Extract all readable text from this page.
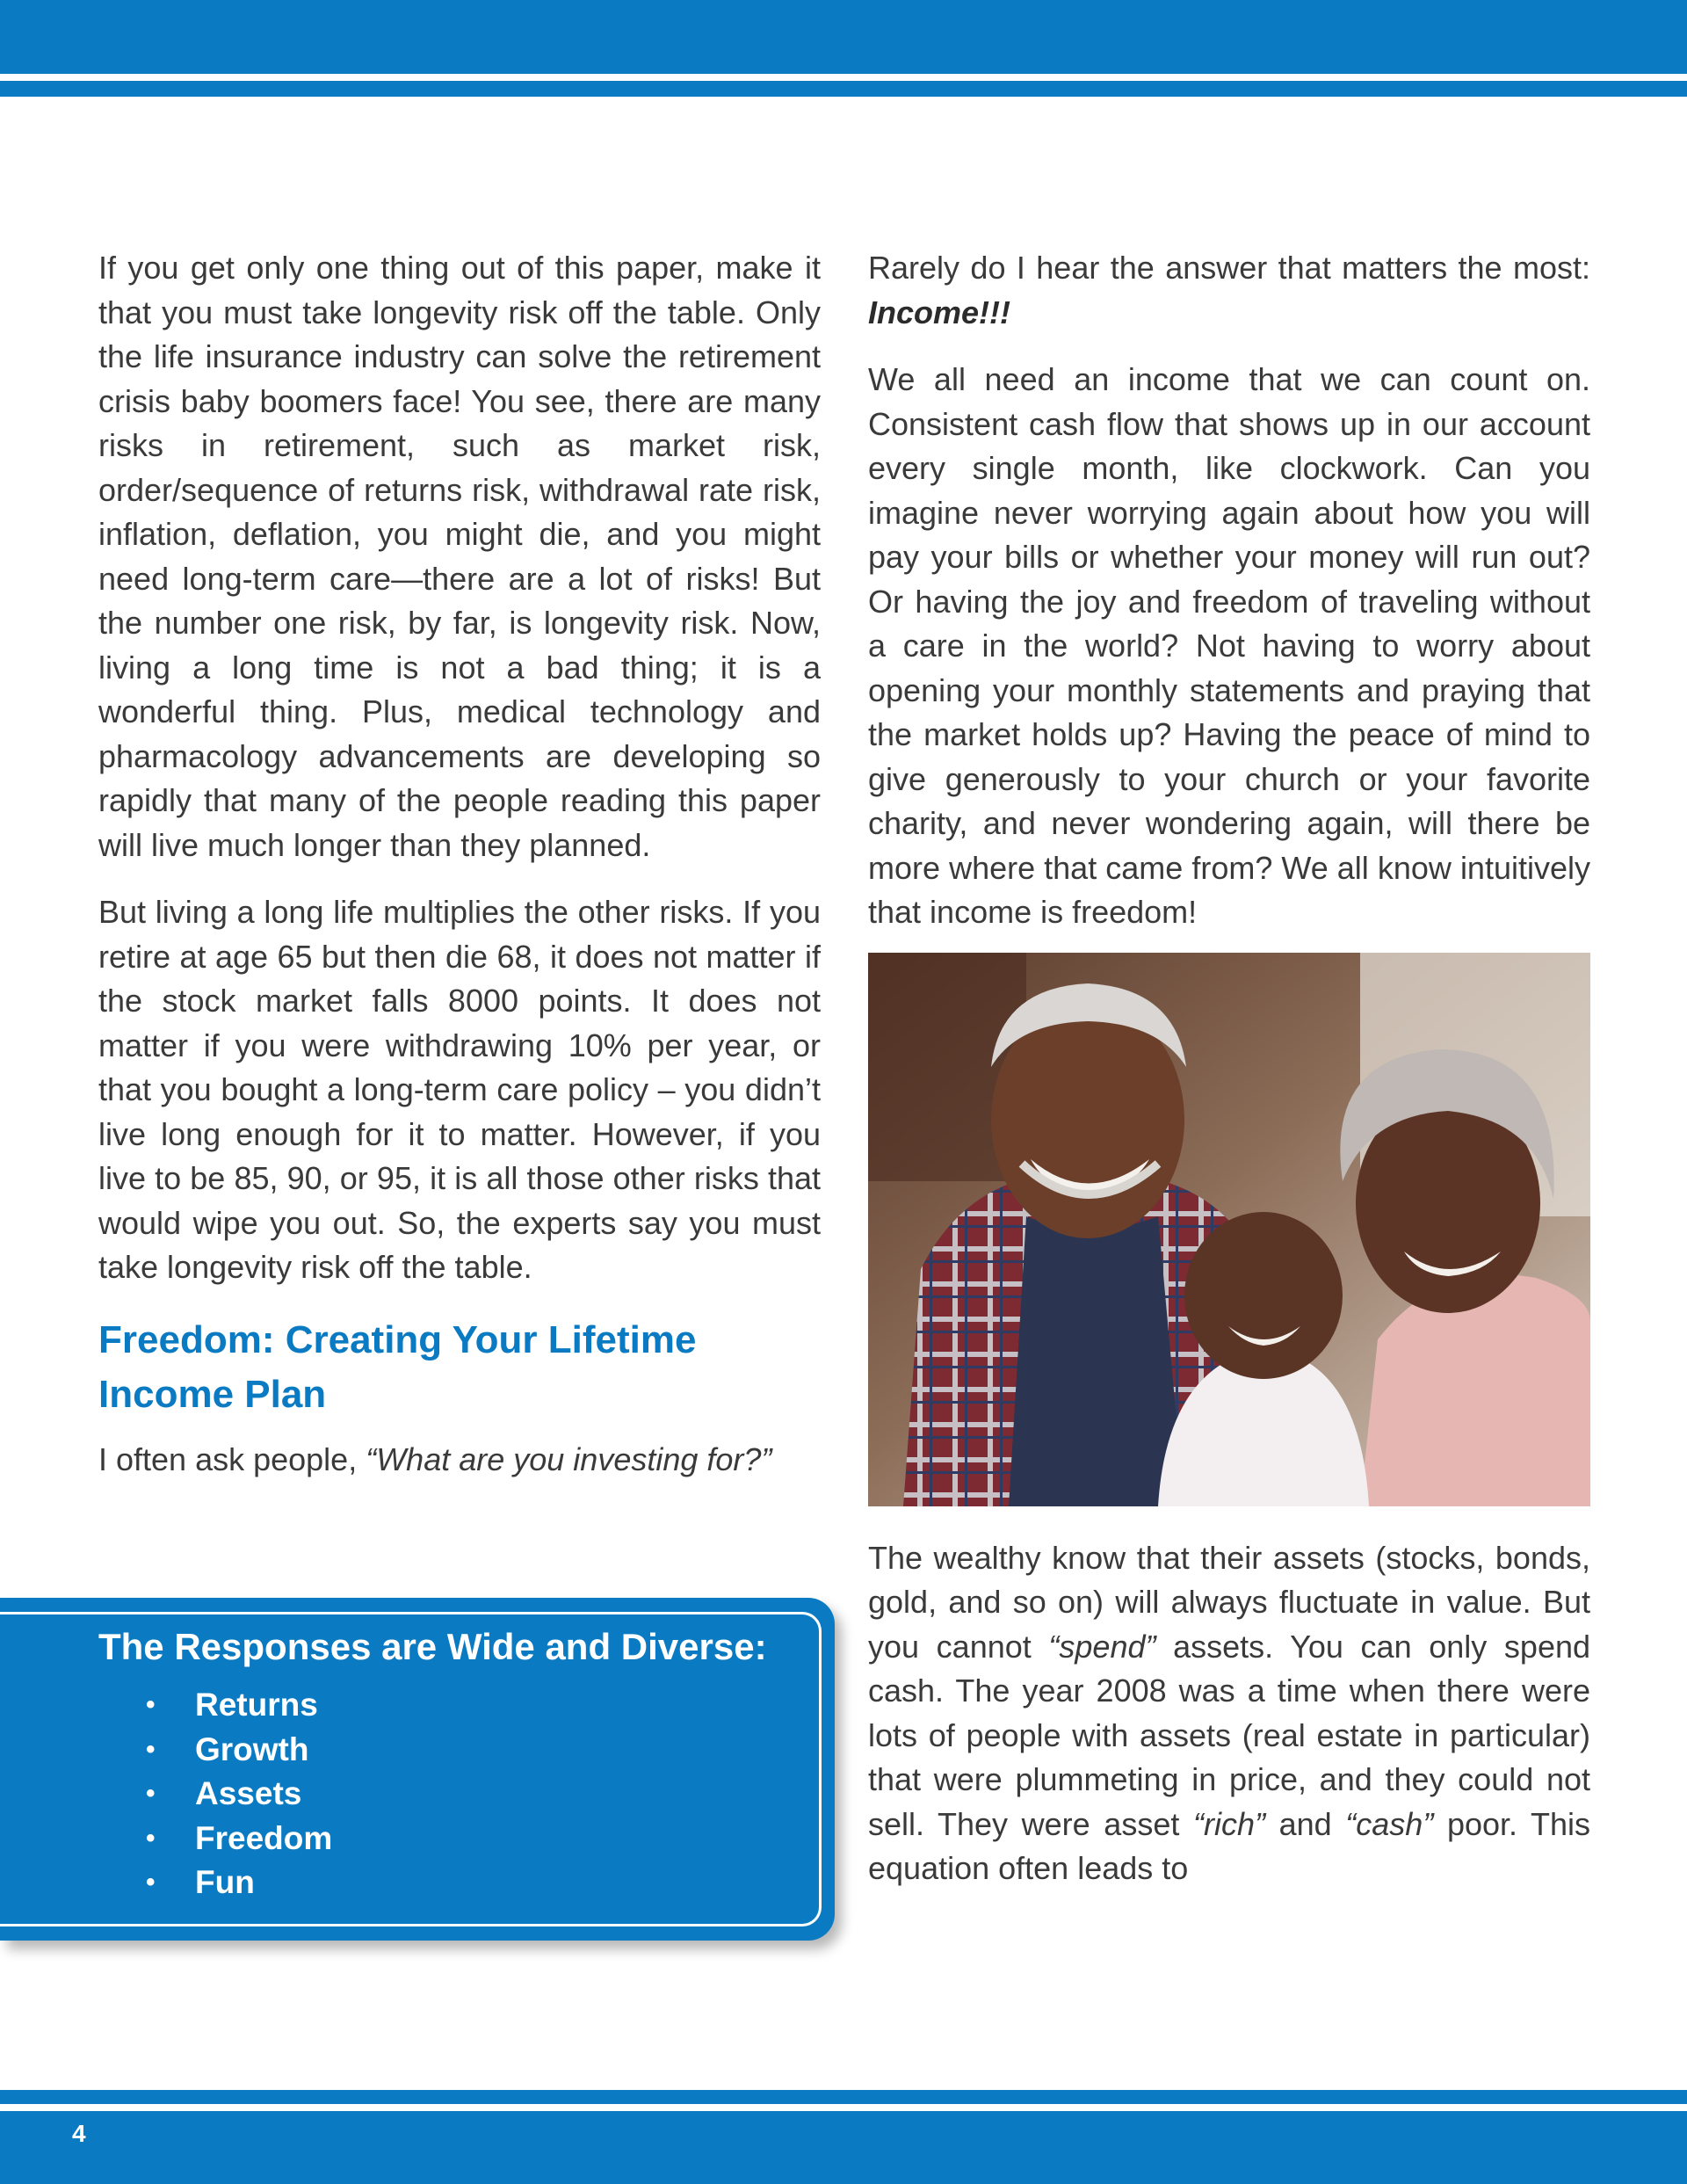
If you get only one thing out of this paper, make it that you must take longevity risk off the table. Only the life insurance industry can solve the retirement crisis baby boomers face! You see, there are many risks in retirement, such as market risk, order/sequence of returns risk, withdrawal rate risk, inflation, deflation, you might die, and you might need long-term care—there are a lot of risks! But the number one risk, by far, is longevity risk. Now, living a long time is not a bad thing; it is a wonderful thing. Plus, medical technology and pharmacology advancements are developing so rapidly that many of the people reading this paper will live much longer than they planned.

But living a long life multiplies the other risks. If you retire at age 65 but then die 68, it does not matter if the stock market falls 8000 points. It does not matter if you were withdrawing 10% per year, or that you bought a long-term care policy – you didn’t live long enough for it to matter. However, if you live to be 85, 90, or 95, it is all those other risks that would wipe you out. So, the experts say you must take longevity risk off the table.

Freedom: Creating Your Lifetime Income Plan

I often ask people, “What are you investing for?”

The Responses are Wide and Diverse:
• Returns
• Growth
• Assets
• Freedom
• Fun

Rarely do I hear the answer that matters the most: Income!!!

We all need an income that we can count on. Consistent cash flow that shows up in our account every single month, like clockwork. Can you imagine never worrying again about how you will pay your bills or whether your money will run out? Or having the joy and freedom of traveling without a care in the world? Not having to worry about opening your monthly statements and praying that the market holds up? Having the peace of mind to give generously to your church or your favorite charity, and never wondering again, will there be more where that came from? We all know intuitively that income is freedom!

The wealthy know that their assets (stocks, bonds, gold, and so on) will always fluctuate in value. But you cannot “spend” assets. You can only spend cash. The year 2008 was a time when there were lots of people with assets (real estate in particular) that were plummeting in price, and they could not sell. They were asset “rich” and “cash” poor. This equation often leads to

4
